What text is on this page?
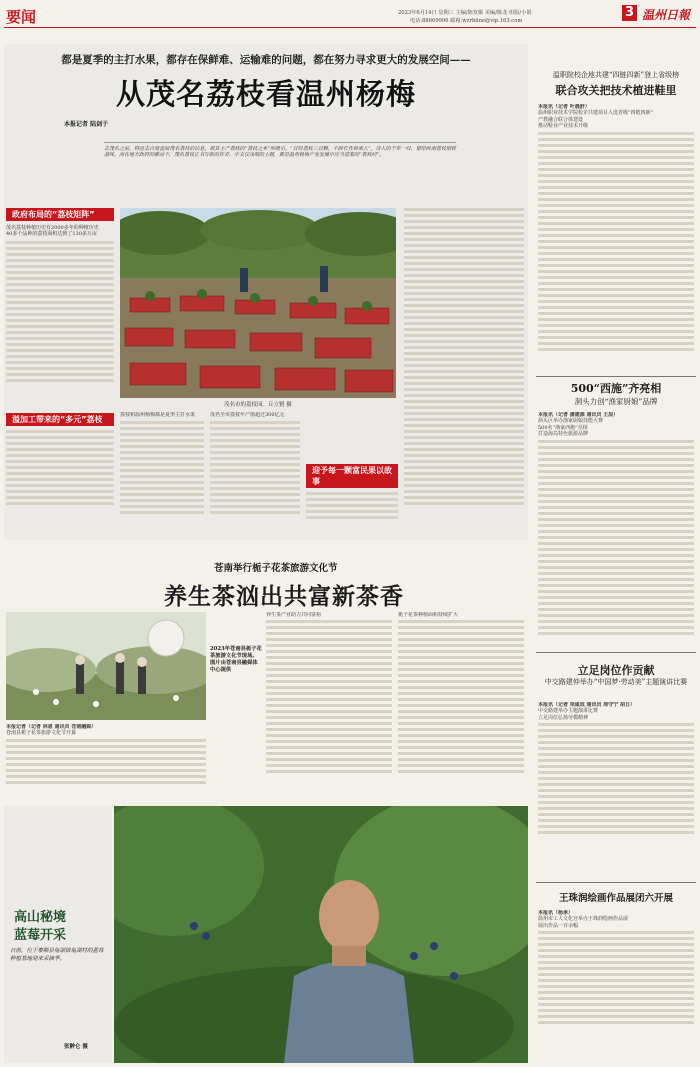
要闻	2023年6月14日 星期三 主编/陈发顺 美编/陈龙 组版/小娟
电话:88669996 邮箱:wzrbline@vip.163.com
3 温州日報
都是夏季的主打水果，都存在保鲜难、运输难的问题，都在努力寻求更大的发展空间——
从茂名荔枝看温州杨梅
本报记者 陆剑于
去茂名之前，特意去百度查阅茂名荔枝的信息，被其主产荔枝的“荔枝之乡”所吸引。“日啖荔枝三百颗，不辞长作岭南人”，诗人的千年一叹，留给岭南荔枝别样滋味。而在地方政府的推动下，茂名荔枝正书写新的传奇。中文仅浅唱的主题，都是温州杨梅产业发展中应当借鉴的“荔枝经”。
政府布局的“荔枝矩阵”
茂名荔枝种植历史有2000多年的种植历史
40多个品种的荔枝面积达到了130多万亩
溢加工带来的“多元”荔枝
茂名市的荔枝园。丘立賢 摄
荔枝和温州杨梅都是夏季主打水果	茂名全市荔枝年产值超过300亿元
迎予每一颗富民果以故事
温职院校企地共建“四链四新”登上省级榜
联合攻关把技术植进鞋里
本报讯（记者 叶晨舒）
温州职业技术学院校企共建项目入选省级“四链四新”
产教融合联合体建设
推动鞋业产业技术升级
500“西施”齐亮相
洞头力创“渔家厨娘”品牌
本报讯（记者 潘建源 通讯员 王辰）
洞头区举办渔家厨娘技能大赛
500名“渔家西施”亮相
打造海岛特色旅游品牌
苍南举行栀子花茶旅游文化节
养生茶汹出共富新茶香
2023年苍南县栀子花茶旅游文化节现场。图片由苍南县融媒体中心提供
本报记者（记者 林恩 通讯员 苍南融媒）
苍南县栀子花茶旅游文化节开幕
养生茶产业助力共同富裕	栀子花茶种植面积持续扩大
立足岗位作贡献
中交路建仲举办“中国梦·劳动美”主题演讲比赛
本报讯（记者 项咸成 通讯员 周守宁 胡日）
中交路建举办主题演讲比赛
立足岗位弘扬劳模精神
高山秘境
蓝莓开采
日前，位于泰顺县龟湖镇龟湖村的蓝莓种植基地迎来采摘季。
张翀仑 摄
王珠润绘画作品展闭六开展
本报讯（杨承）
温州市工人文化宫举办王珠润绘画作品展
展出作品一百余幅
